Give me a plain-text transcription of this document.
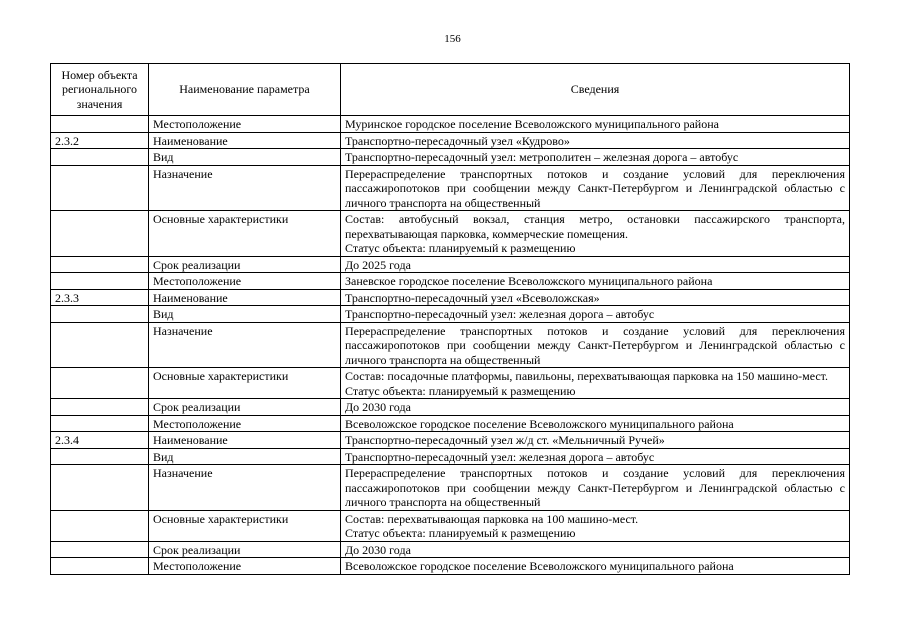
156
Номер объекта регионального значения	Наименование параметра	Сведения
	Местоположение	Муринское городское поселение Всеволожского муниципального района

2.3.2	Наименование	Транспортно-пересадочный узел «Кудрово»

	Вид	Транспортно-пересадочный узел: метрополитен – железная дорога – автобус

	Назначение	Перераспределение транспортных потоков и создание условий для переключения пассажиропотоков при сообщении между Санкт-Петербургом и Ленинградской областью с личного транспорта на общественный

	Основные характеристики	Состав: автобусный вокзал, станция метро, остановки пассажирского транспорта, перехватывающая парковка, коммерческие помещения.
Статус объекта: планируемый к размещению

	Срок реализации	До 2025 года

	Местоположение	Заневское городское поселение Всеволожского муниципального района

2.3.3	Наименование	Транспортно-пересадочный узел «Всеволожская»

	Вид	Транспортно-пересадочный узел: железная дорога – автобус

	Назначение	Перераспределение транспортных потоков и создание условий для переключения пассажиропотоков при сообщении между Санкт-Петербургом и Ленинградской областью с личного транспорта на общественный

	Основные характеристики	Состав: посадочные платформы, павильоны, перехватывающая парковка на 150 машино-мест.
Статус объекта: планируемый к размещению

	Срок реализации	До 2030 года

	Местоположение	Всеволожское городское поселение Всеволожского муниципального района

2.3.4	Наименование	Транспортно-пересадочный узел ж/д ст. «Мельничный Ручей»

	Вид	Транспортно-пересадочный узел: железная дорога – автобус

	Назначение	Перераспределение транспортных потоков и создание условий для переключения пассажиропотоков при сообщении между Санкт-Петербургом и Ленинградской областью с личного транспорта на общественный

	Основные характеристики	Состав: перехватывающая парковка на 100 машино-мест.
Статус объекта: планируемый к размещению

	Срок реализации	До 2030 года

	Местоположение	Всеволожское городское поселение Всеволожского муниципального района
